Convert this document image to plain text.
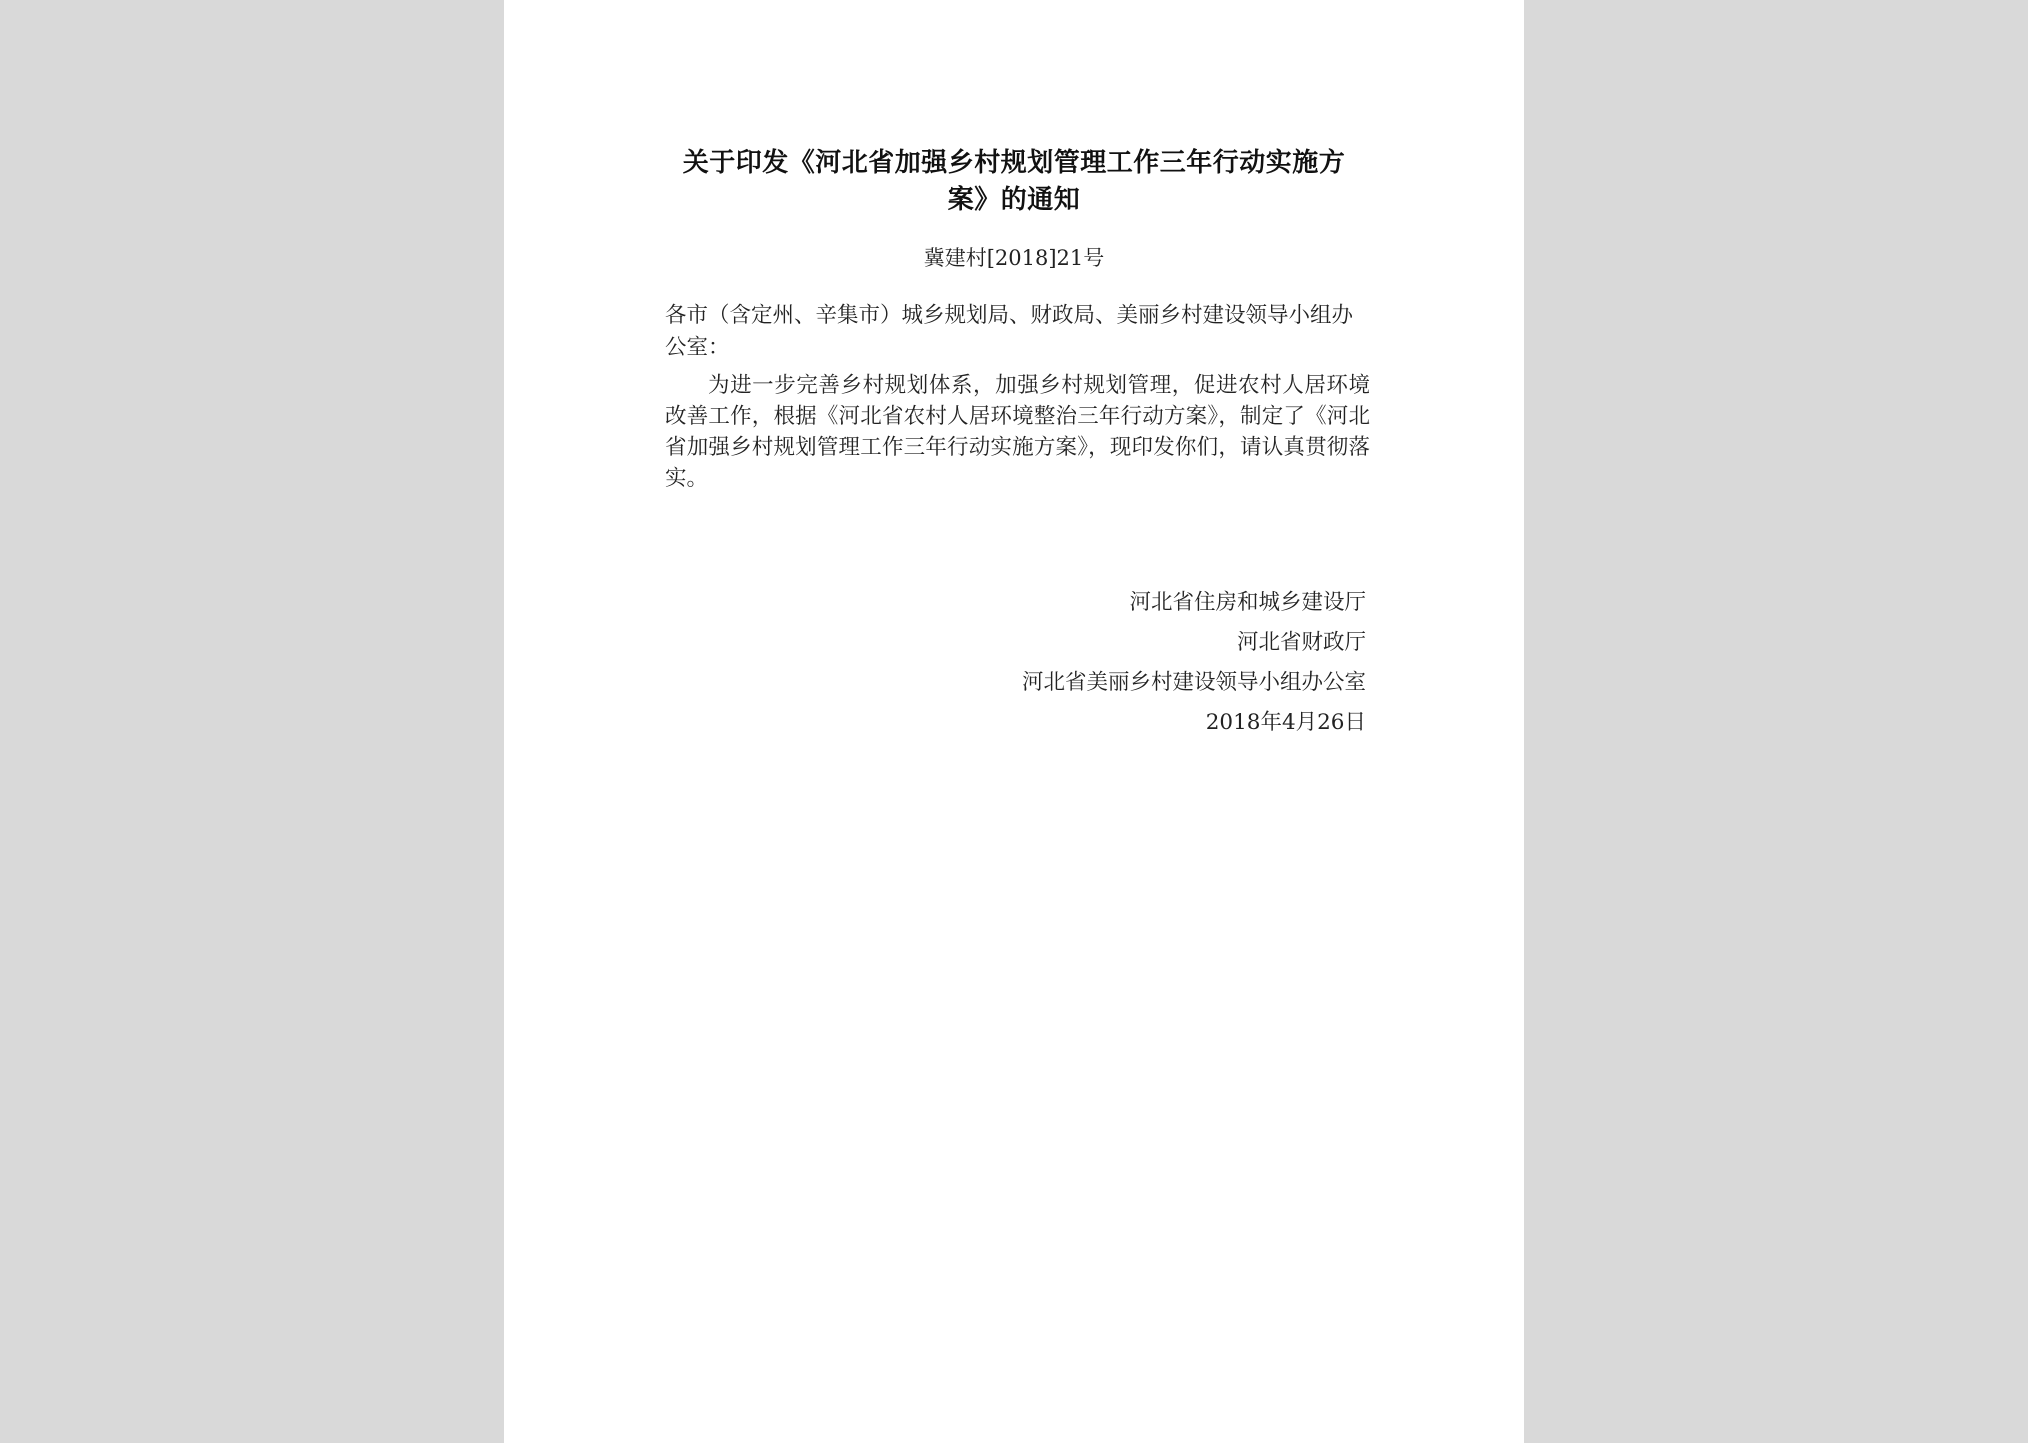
关于印发《河北省加强乡村规划管理工作三年行动实施方案》的通知
冀建村[2018]21号
各市（含定州、辛集市）城乡规划局、财政局、美丽乡村建设领导小组办公室：
为进一步完善乡村规划体系，加强乡村规划管理，促进农村人居环境改善工作，根据《河北省农村人居环境整治三年行动方案》，制定了《河北省加强乡村规划管理工作三年行动实施方案》，现印发你们，请认真贯彻落实。
河北省住房和城乡建设厅
河北省财政厅
河北省美丽乡村建设领导小组办公室
2018年4月26日
